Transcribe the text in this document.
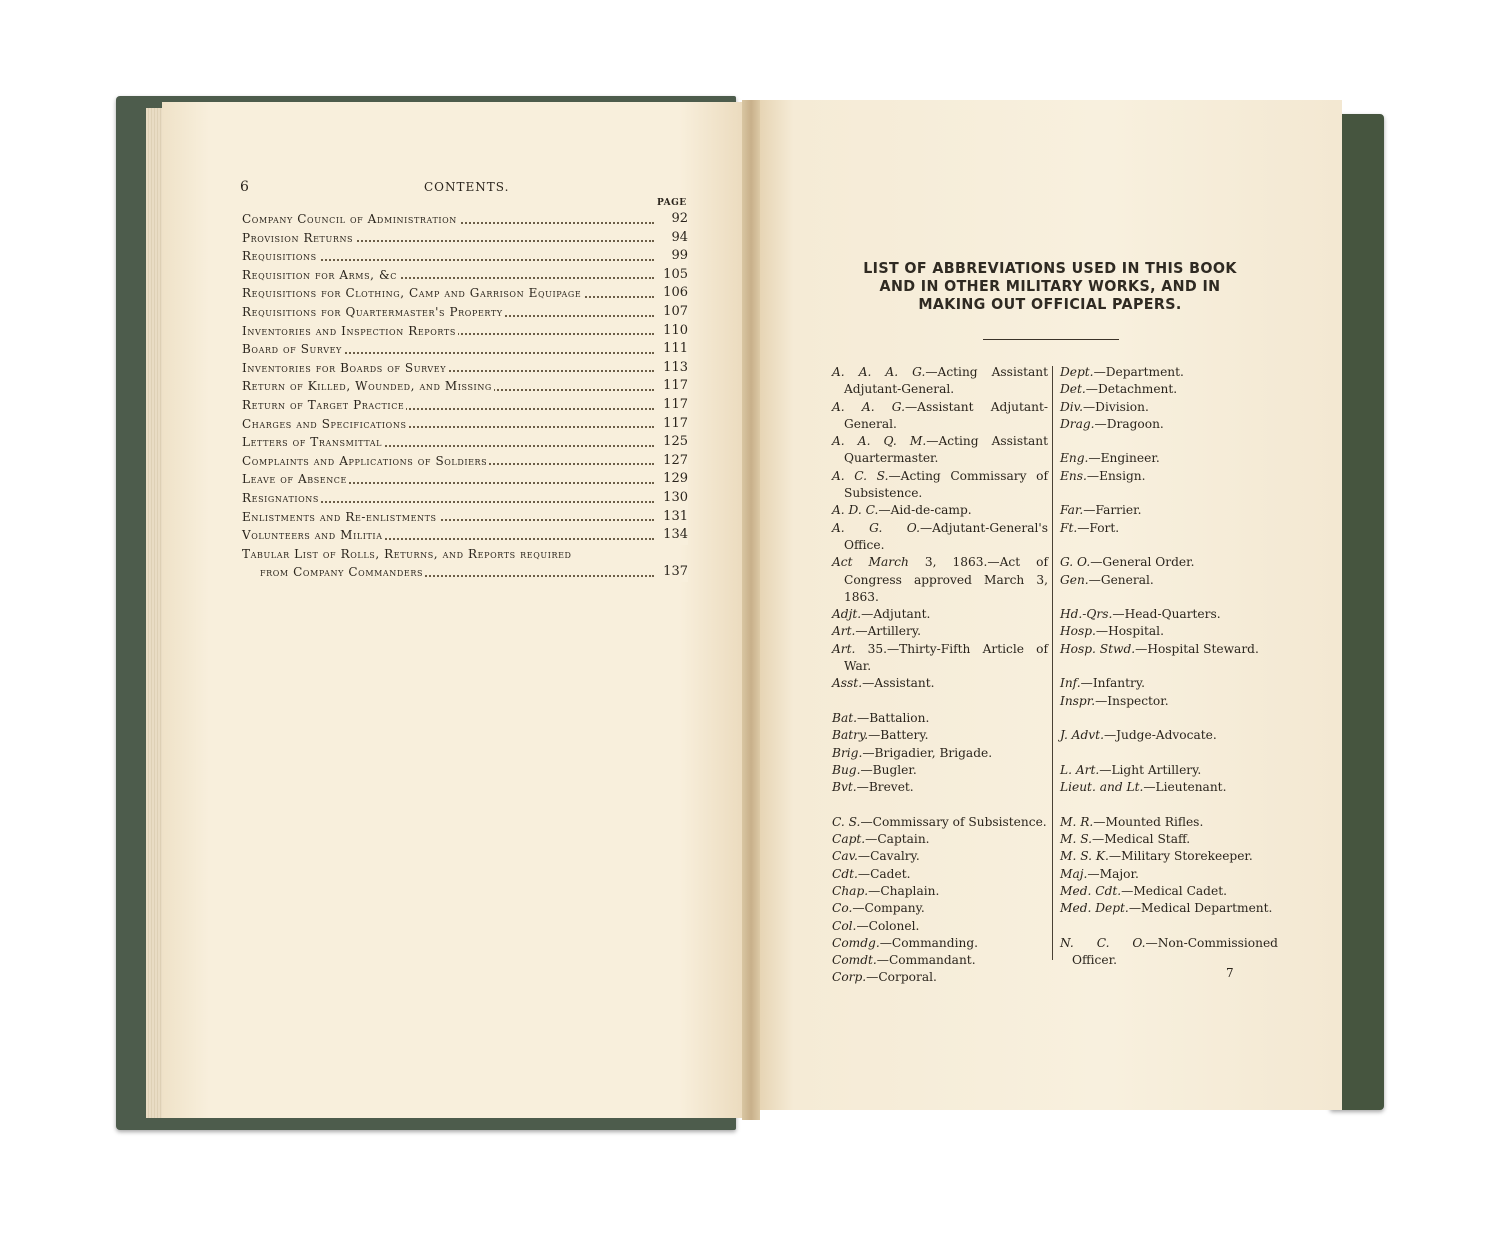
6	CONTENTS.
PAGE
Company Council of Administration	92
Provision Returns	94
Requisitions	99
Requisition for Arms, &c	105
Requisitions for Clothing, Camp and Garrison Equipage	106
Requisitions for Quartermaster's Property	107
Inventories and Inspection Reports	110
Board of Survey	111
Inventories for Boards of Survey	113
Return of Killed, Wounded, and Missing	117
Return of Target Practice	117
Charges and Specifications	117
Letters of Transmittal	125
Complaints and Applications of Soldiers	127
Leave of Absence	129
Resignations	130
Enlistments and Re-enlistments	131
Volunteers and Militia	134
Tabular List of Rolls, Returns, and Reports required
from Company Commanders	137
LIST OF ABBREVIATIONS USED IN THIS BOOK
AND IN OTHER MILITARY WORKS, AND IN
MAKING OUT OFFICIAL PAPERS.

A. A. A. G.—Acting Assistant Adjutant-General.

A. A. G.—Assistant Adjutant-General.

A. A. Q. M.—Acting Assistant Quartermaster.

A. C. S.—Acting Commissary of Subsistence.

A. D. C.—Aid-de-camp.

A. G. O.—Adjutant-General's Office.

Act March 3, 1863.—Act of Congress approved March 3, 1863.

Adjt.—Adjutant.

Art.—Artillery.

Art. 35.—Thirty-Fifth Article of War.

Asst.—Assistant.

Bat.—Battalion.

Batry.—Battery.

Brig.—Brigadier, Brigade.

Bug.—Bugler.

Bvt.—Brevet.

C. S.—Commissary of Subsistence.

Capt.—Captain.

Cav.—Cavalry.

Cdt.—Cadet.

Chap.—Chaplain.

Co.—Company.

Col.—Colonel.

Comdg.—Commanding.

Comdt.—Commandant.

Corp.—Corporal.

Dept.—Department.

Det.—Detachment.

Div.—Division.

Drag.—Dragoon.

Eng.—Engineer.

Ens.—Ensign.

Far.—Farrier.

Ft.—Fort.

G. O.—General Order.

Gen.—General.

Hd.-Qrs.—Head-Quarters.

Hosp.—Hospital.

Hosp. Stwd.—Hospital Steward.

Inf.—Infantry.

Inspr.—Inspector.

J. Advt.—Judge-Advocate.

L. Art.—Light Artillery.

Lieut. and Lt.—Lieutenant.

M. R.—Mounted Rifles.

M. S.—Medical Staff.

M. S. K.—Military Storekeeper.

Maj.—Major.

Med. Cdt.—Medical Cadet.

Med. Dept.—Medical Department.

N. C. O.—Non-Commissioned Officer.

7
